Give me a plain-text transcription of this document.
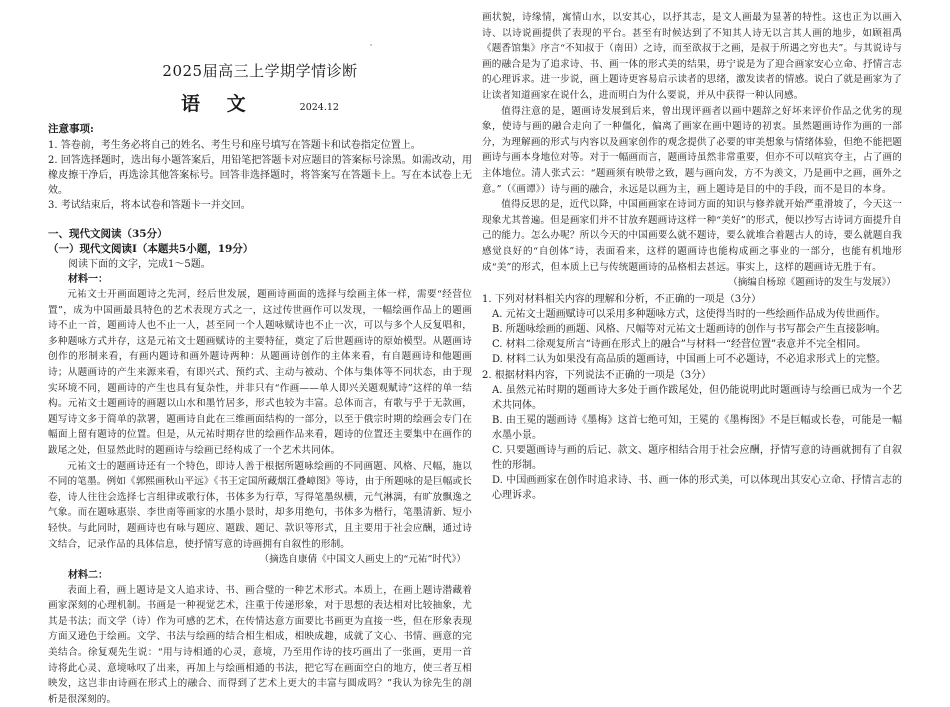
2025届高三上学期学情诊断
语 文	2024.12
注意事项:
1. 答卷前，考生务必将自己的姓名、考生号和座号填写在答题卡和试卷指定位置上。
2. 回答选择题时，选出每小题答案后，用铅笔把答题卡对应题目的答案标号涂黑。如需改动，用橡皮擦干净后，再选涂其他答案标号。回答非选择题时，将答案写在答题卡上。写在本试卷上无效。
3. 考试结束后，将本试卷和答题卡一并交回。
一、现代文阅读（35分）
（一）现代文阅读Ⅰ（本题共5小题，19分）
阅读下面的文字，完成1～5题。
材料一：

元祐文士开画面题诗之先河，经后世发展，题画诗画面的选择与绘画主体一样，需要“经营位置”，成为中国画最具特色的艺术表现方式之一，这过传世画作可以发现，一幅绘画作品上的题画诗不止一首，题画诗人也不止一人，甚至同一个人题咏赋诗也不止一次，可以与多个人反复唱和，多种题咏方式并存，这是元祐文士题画赋诗的主要特征，奠定了后世题画诗的原始模型。从题画诗创作的形制来看，有画内题诗和画外题诗两种：从题画诗创作的主体来看，有自题画诗和他题画诗；从题画诗的产生来源来看，有即兴式、预约式、主动与被动、个体与集体等不同状态，由于现实环境不同，题画诗的产生也具有复杂性，并非只有“作画——单人即兴关题观赋诗”这样的单一结构。元祐文士题画诗的画题以山水和墨竹居多，形式也较为丰富。总体而言，有歌与乎于无款画，题写诗文多于简单的款署，题画诗自此在三维画面结构的一部分，以至于俄宗时期的绘画会专门在幅面上留有题诗的位置。但是，从元祐时期存世的绘画作品来看，题诗的位置还主要集中在画作的跋尾之处，但显然此时的题画诗与绘画已经构成了一个艺术共同体。

元祐文士的题画诗还有一个特色，即诗人善于根据所题咏绘画的不同画题、风格、尺幅，施以不同的笔墨。例如《郭熙画秋山平远》《书王定国所藏烟江叠嶂图》等诗，由于所题咏的是巨幅或长卷，诗人往往会选择七言组律或歌行体，书体多为行草，写得笔墨纵横，元气淋漓，有旷放飘逸之气象。而在题咏惠崇、李世南等画家的水墨小景时，却多用绝句，书体多为楷行，笔墨清新、短小轻快。与此同时，题画诗也有咏与题应、题跋、题记、款识等形式，且主要用于社会应酬，通过诗文结合，记录作品的具体信息，使抒情写意的诗画拥有自叙性的形制。

（摘选自康倩《中国文人画史上的“元祐”时代》）
材料二：

表面上看，画上题诗是文人追求诗、书、画合璧的一种艺术形式。本质上，在画上题诗潜藏着画家深刻的心理机制。书画是一种视觉艺术，注重于传递形象，对于思想的表达相对比较抽象，尤其是书法；而文学（诗）作为可感的艺术，在传情达意方面要比书画更为直接一些，但在形象表现方面又逊色于绘画。文学、书法与绘画的结合相生相成，相映成趣，成就了文心、书情、画意的完美结合。徐复观先生说：“用与诗相通的心灵，意境，乃至用作诗的技巧画出了一张画，更用一首诗将此心灵、意境咏叹了出来，再加上与绘画相通的书法，把它写在画面空白的地方，使三者互相映发，这岂非由诗画在形式上的融合、而得到了艺术上更大的丰富与圆成吗？”我认为徐先生的剖析是很深刻的。

画状貌，诗缘情，寓情山水，以安其心，以抒其志，是文人画最为显著的特性。这也正为以画入诗、以诗说画提供了表现的平台。甚至有时候达到了不知其人诗无以言其人画的地步，如顾祖禹《题香馆集》序言“不知叔于（南田）之诗，而至欲叔于之画，是叔于所遇之穷也夫”。与其说诗与画的融合是为了追求诗、书、画一体的形式美的结果，毋宁说是为了迎合画家安心立命、抒情言志的心理诉求。进一步说，画上题诗更容易启示读者的思绪，激发读者的情感。说白了就是画家为了让读者知道画家在说什么，进而明白为什么要说，并从中获得一种认同感。

值得注意的是，题画诗发展到后来，曾出现评画者以画中题辞之好坏来评价作品之优劣的现象，使诗与画的融合走向了一种僵化，偏离了画家在画中题诗的初衷。虽然题画诗作为画的一部分，为理解画的形式与内容以及画家创作的观念提供了必要的审美想象与情绪体验，但绝不能把题画诗与画本身地位对等。对于一幅画而言，题画诗虽然非常重要，但亦不可以喧宾夺主，占了画的主体地位。清人张式云：“题画须有映带之致，题与画向发，方不为羡文，乃是画中之画，画外之意。”（《画谭》）诗与画的融合，永远是以画为主，画上题诗是目的中的手段，而不是目的本身。

值得反思的是，近代以降，中国画画家在诗词方面的知识与修养就开始严重滑坡了，今天这一现象尤其普遍。但是画家们并不甘放弃题画诗这样一种“美好”的形式，便以抄写古诗词方面提升自己的能力。怎么办呢？所以今天的中国画要么就不题诗，要么就堆合着题古人的诗，要么就题自我感觉良好的“自创体”诗，表面看来，这样的题画诗也能构成画之事业的一部分，也能有机地形成“美”的形式，但本质上已与传统题画诗的品格相去甚远。事实上，这样的题画诗无胜于有。

（摘编自杨琼《题画诗的发生与发展》）
1. 下列对材料相关内容的理解和分析，不正确的一项是（3分）
A. 元祐文士题画赋诗可以采用多种题咏方式，这使得当时的一些绘画作品成为传世画作。
B. 所题咏绘画的画题、风格、尺幅等对元祐文士题画诗的创作与书写都会产生直接影响。
C. 材料二徐观复所言“诗画在形式上的融合”与材料一“经营位置”表意并不完全相同。
D. 材料二认为如果没有高品质的题画诗，中国画上可不必题诗，不必追求形式上的完整。
2. 根据材料内容，下列说法不正确的一项是（3分）
A. 虽然元祐时期的题画诗大多处于画作跋尾处，但仍能说明此时题画诗与绘画已成为一个艺术共同体。
B. 由王冕的题画诗《墨梅》这首七绝可知，王冕的《墨梅图》不是巨幅或长卷，可能是一幅水墨小景。
C. 只要题画诗与画的后记、款文、题序相结合用于社会应酬，抒情写意的诗画就拥有了自叙性的形制。
D. 中国画画家在创作时追求诗、书、画一体的形式美，可以体现出其安心立命、抒情言志的心理诉求。
